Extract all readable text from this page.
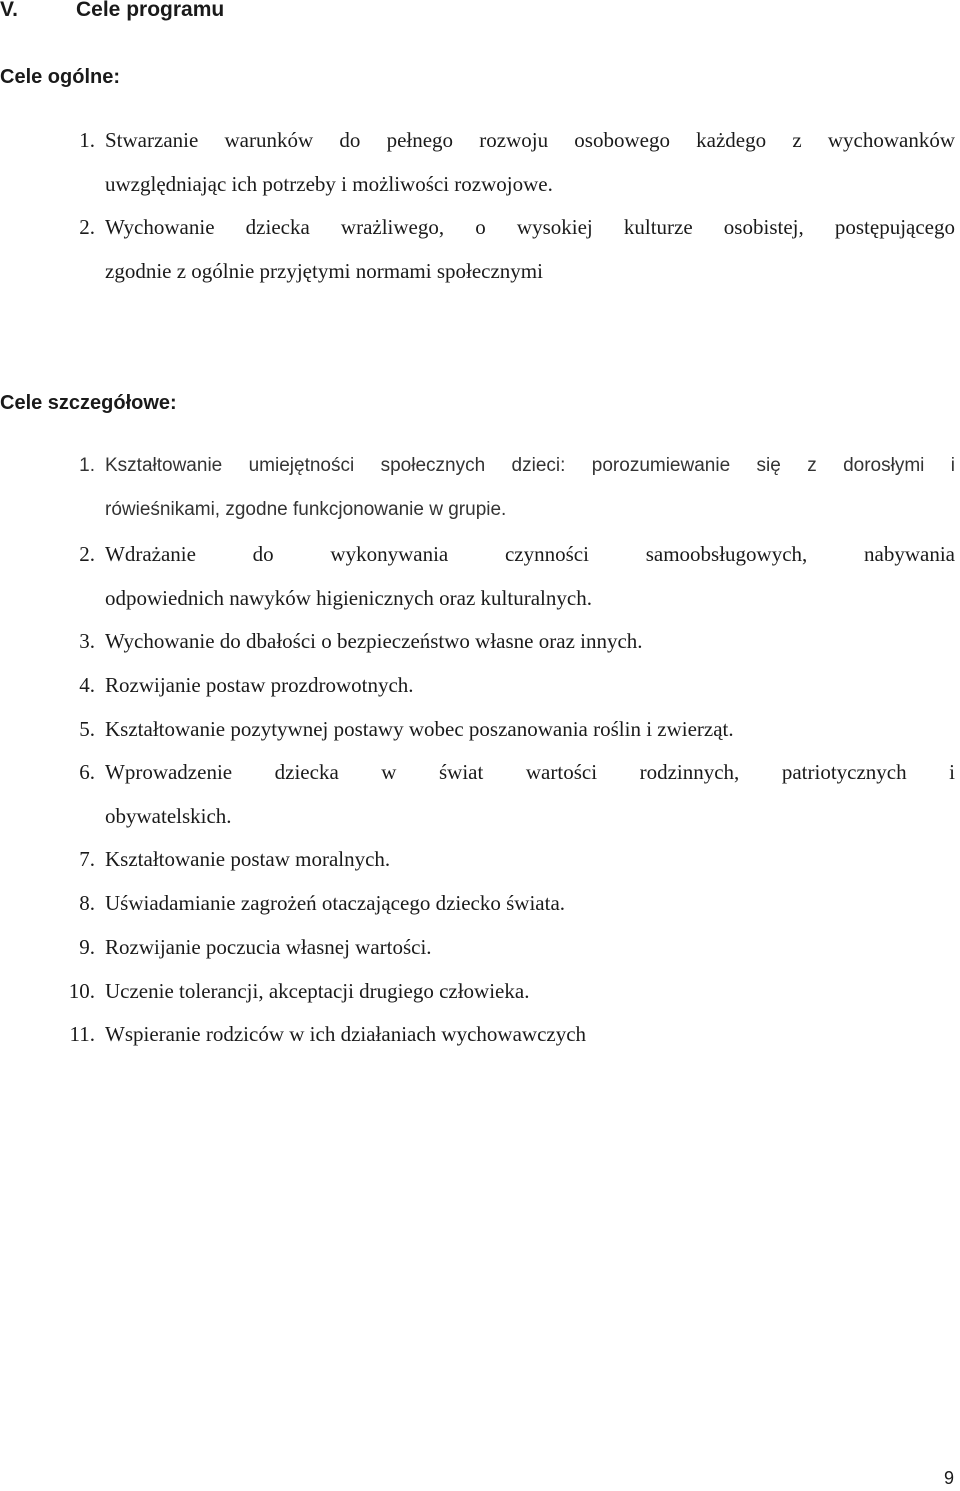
V.	Cele programu
Cele ogólne:
1. Stwarzanie warunków do pełnego rozwoju osobowego każdego z wychowanków
uwzględniając ich potrzeby i możliwości rozwojowe.
2. Wychowanie dziecka wrażliwego, o wysokiej kulturze osobistej, postępującego
zgodnie z ogólnie przyjętymi normami społecznymi
Cele szczegółowe:
1. Kształtowanie umiejętności społecznych dzieci: porozumiewanie się z dorosłymi i
rówieśnikami, zgodne funkcjonowanie w grupie.
2. Wdrażanie do wykonywania czynności samoobsługowych, nabywania
odpowiednich nawyków higienicznych oraz kulturalnych.
3. Wychowanie do dbałości o bezpieczeństwo własne oraz innych.
4. Rozwijanie postaw prozdrowotnych.
5. Kształtowanie pozytywnej postawy wobec poszanowania roślin i zwierząt.
6. Wprowadzenie dziecka w świat wartości rodzinnych, patriotycznych i
obywatelskich.
7. Kształtowanie postaw moralnych.
8. Uświadamianie zagrożeń otaczającego dziecko świata.
9. Rozwijanie poczucia własnej wartości.
10. Uczenie tolerancji, akceptacji drugiego człowieka.
11. Wspieranie rodziców w ich działaniach wychowawczych
9
